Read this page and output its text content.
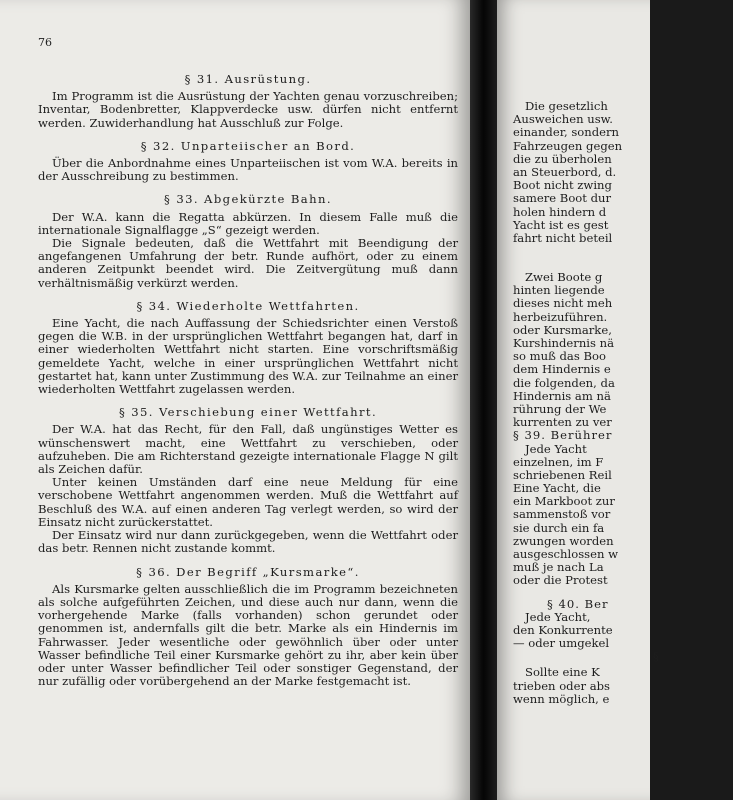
76
§ 31. Ausrüstung.

Im Programm ist die Ausrüstung der Yachten genau vorzuschreiben; Inventar, Bodenbretter, Klappverdecke usw. dürfen nicht entfernt werden. Zuwiderhandlung hat Ausschluß zur Folge.

§ 32. Unparteiischer an Bord.

Über die Anbordnahme eines Unparteiischen ist vom W.A. bereits in der Ausschreibung zu bestimmen.

§ 33. Abgekürzte Bahn.

Der W.A. kann die Regatta abkürzen. In diesem Falle muß die internationale Signalflagge „S“ gezeigt werden.

Die Signale bedeuten, daß die Wettfahrt mit Beendigung der angefangenen Umfahrung der betr. Runde aufhört, oder zu einem anderen Zeitpunkt beendet wird. Die Zeitvergütung muß dann verhältnismäßig verkürzt werden.

§ 34. Wiederholte Wettfahrten.

Eine Yacht, die nach Auffassung der Schiedsrichter einen Verstoß gegen die W.B. in der ursprünglichen Wettfahrt begangen hat, darf in einer wiederholten Wettfahrt nicht starten. Eine vorschriftsmäßig gemeldete Yacht, welche in einer ursprünglichen Wettfahrt nicht gestartet hat, kann unter Zustimmung des W.A. zur Teilnahme an einer wiederholten Wettfahrt zugelassen werden.

§ 35. Verschiebung einer Wettfahrt.

Der W.A. hat das Recht, für den Fall, daß ungünstiges Wetter es wünschenswert macht, eine Wettfahrt zu verschieben, oder aufzuheben. Die am Richterstand gezeigte internationale Flagge N gilt als Zeichen dafür.

Unter keinen Umständen darf eine neue Meldung für eine verschobene Wettfahrt angenommen werden. Muß die Wettfahrt auf Beschluß des W.A. auf einen anderen Tag verlegt werden, so wird der Einsatz nicht zurückerstattet.

Der Einsatz wird nur dann zurückgegeben, wenn die Wettfahrt oder das betr. Rennen nicht zustande kommt.

§ 36. Der Begriff „Kursmarke“.

Als Kursmarke gelten ausschließlich die im Programm bezeichneten als solche aufgeführten Zeichen, und diese auch nur dann, wenn die vorhergehende Marke (falls vorhanden) schon gerundet oder genommen ist, andernfalls gilt die betr. Marke als ein Hindernis im Fahrwasser. Jeder wesentliche oder gewöhnlich über oder unter Wasser befindliche Teil einer Kursmarke gehört zu ihr, aber kein über oder unter Wasser befindlicher Teil oder sonstiger Gegenstand, der nur zufällig oder vorübergehend an der Marke festgemacht ist.

Die gesetzlich
Ausweichen usw.
einander, sondern
Fahrzeugen gegen
die zu überholen
an Steuerbord, d.
Boot nicht zwing
samere Boot dur
holen hindern d
Yacht ist es gest
fahrt nicht beteil
Zwei Boote g
hinten liegende
dieses nicht meh
herbeizuführen.
oder Kursmarke,
Kurshindernis nä
so muß das Boo
dem Hindernis e
die folgenden, da
Hindernis am nä
rührung der We
kurrenten zu ver
§ 39. Berührer
Jede Yacht
einzelnen, im F
schriebenen Reil
Eine Yacht, die
ein Markboot zur
sammenstoß vor
sie durch ein fa
zwungen worden
ausgeschlossen w
muß je nach La
oder die Protest
§ 40. Ber
Jede Yacht,
den Konkurrente
— oder umgekel
§
Sollte eine K
trieben oder abs
wenn möglich, e
